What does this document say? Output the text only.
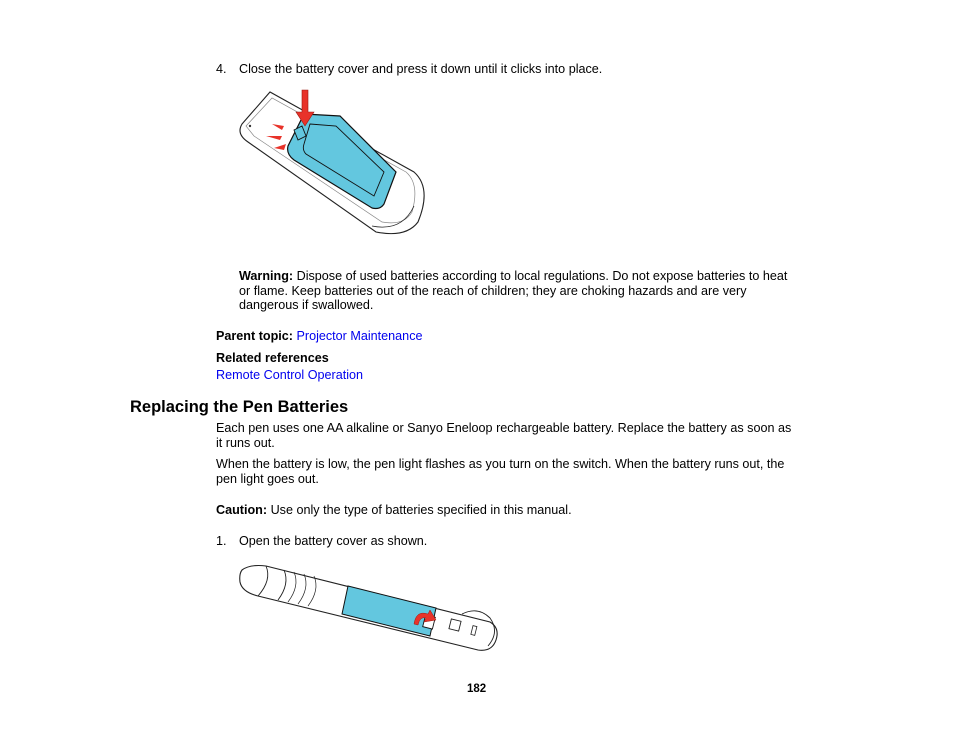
4. Close the battery cover and press it down until it clicks into place.
Warning: Dispose of used batteries according to local regulations. Do not expose batteries to heat
or flame. Keep batteries out of the reach of children; they are choking hazards and are very
dangerous if swallowed.
Parent topic: Projector Maintenance
Related references
Remote Control Operation
Replacing the Pen Batteries
Each pen uses one AA alkaline or Sanyo Eneloop rechargeable battery. Replace the battery as soon as
it runs out.
When the battery is low, the pen light flashes as you turn on the switch. When the battery runs out, the
pen light goes out.
Caution: Use only the type of batteries specified in this manual.
1. Open the battery cover as shown.
182
